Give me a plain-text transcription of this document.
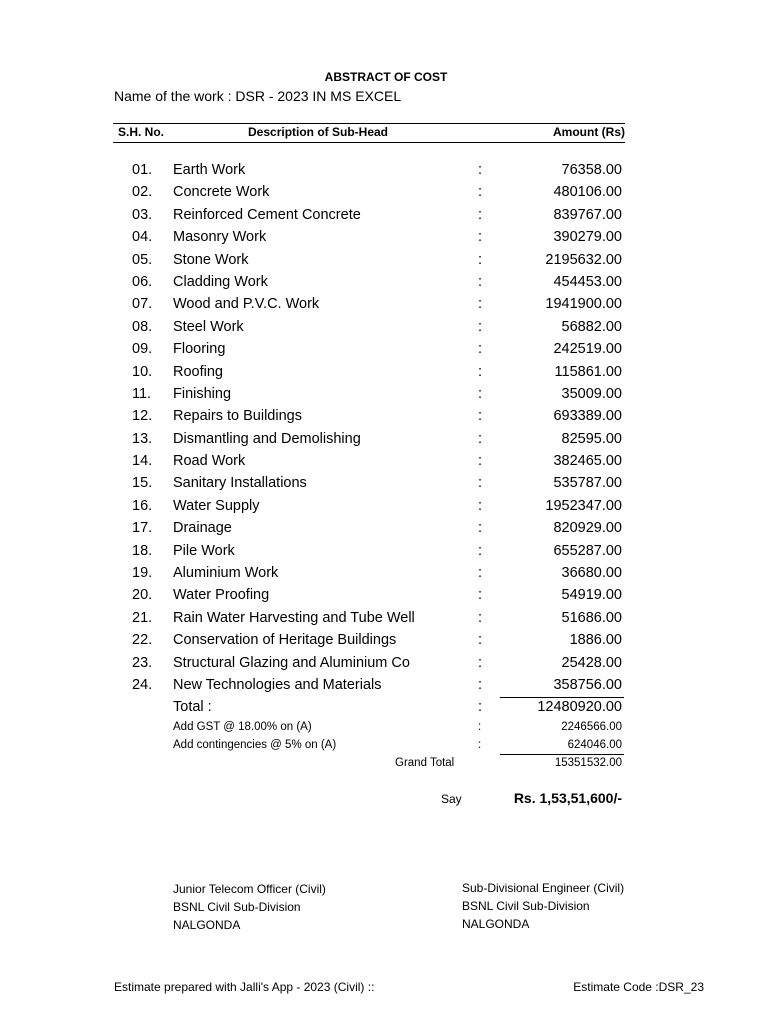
ABSTRACT OF COST
Name of the work : DSR - 2023 IN MS EXCEL
S.H. No.	Description of Sub-Head	Amount (Rs)
01. Earth Work	:	76358.00
02. Concrete Work	:	480106.00
03. Reinforced Cement Concrete	:	839767.00
04. Masonry Work	:	390279.00
05. Stone Work	:	2195632.00
06. Cladding Work	:	454453.00
07. Wood and P.V.C. Work	:	1941900.00
08. Steel Work	:	56882.00
09. Flooring	:	242519.00
10. Roofing	:	115861.00
11. Finishing	:	35009.00
12. Repairs to Buildings	:	693389.00
13. Dismantling and Demolishing	:	82595.00
14. Road Work	:	382465.00
15. Sanitary Installations	:	535787.00
16. Water Supply	:	1952347.00
17. Drainage	:	820929.00
18. Pile Work	:	655287.00
19. Aluminium Work	:	36680.00
20. Water Proofing	:	54919.00
21. Rain Water Harvesting and Tube Well	:	51686.00
22. Conservation of Heritage Buildings	:	1886.00
23. Structural Glazing and Aluminium Co	:	25428.00
24. New Technologies and Materials	:	358756.00
Total :	:	12480920.00
Add GST @ 18.00% on (A)	:	2246566.00
Add contingencies @ 5% on (A)	:	624046.00
Grand Total	15351532.00
Say	Rs. 1,53,51,600/-
Junior Telecom Officer (Civil)
BSNL Civil Sub-Division
NALGONDA
Sub-Divisional Engineer (Civil)
BSNL Civil Sub-Division
NALGONDA
Estimate prepared with Jalli's App - 2023 (Civil) ::	Estimate Code :DSR_23
